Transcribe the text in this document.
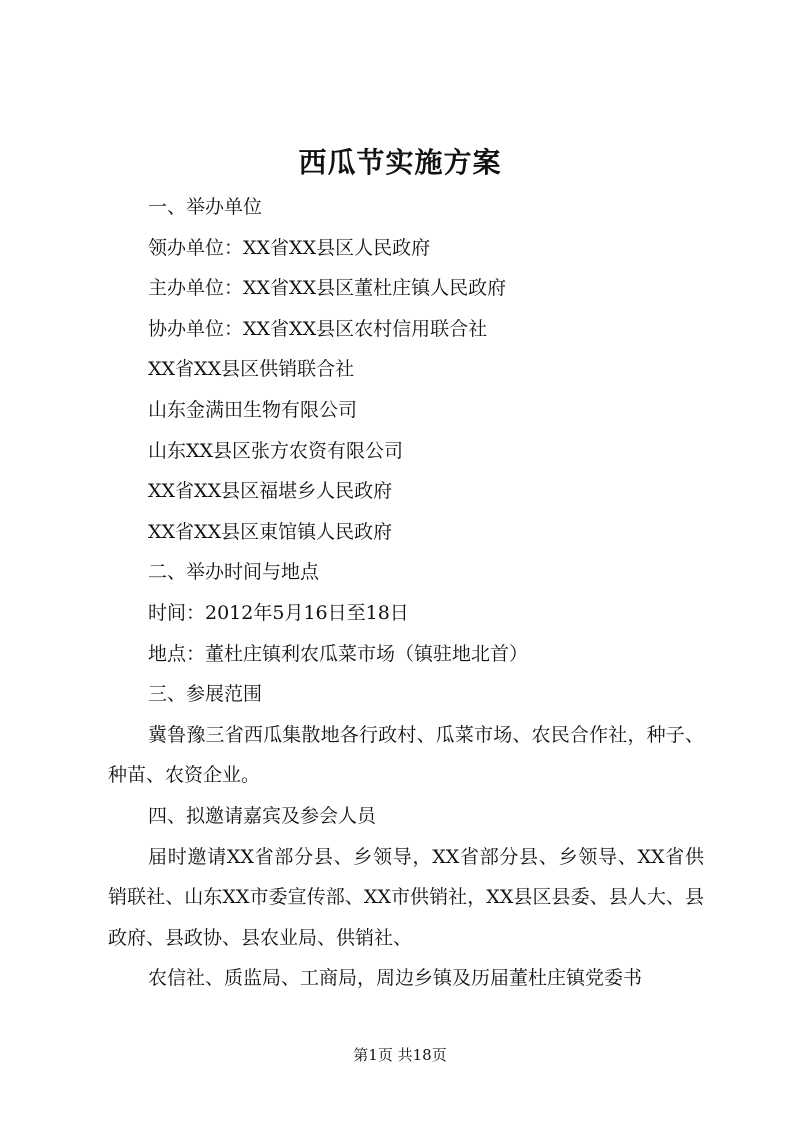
西瓜节实施方案
一、举办单位
领办单位：XX省XX县区人民政府
主办单位：XX省XX县区董杜庄镇人民政府
协办单位：XX省XX县区农村信用联合社
XX省XX县区供销联合社
山东金满田生物有限公司
山东XX县区张方农资有限公司
XX省XX县区福堪乡人民政府
XX省XX县区東馆镇人民政府
二、举办时间与地点
时间：2012年5月16日至18日
地点：董杜庄镇利农瓜菜市场（镇驻地北首）
三、参展范围
冀鲁豫三省西瓜集散地各行政村、瓜菜市场、农民合作社，种子、种苗、农资企业。
四、拟邀请嘉宾及参会人员
届时邀请XX省部分县、乡领导，XX省部分县、乡领导、XX省供销联社、山东XX市委宣传部、XX市供销社，XX县区县委、县人大、县政府、县政协、县农业局、供销社、
农信社、质监局、工商局，周边乡镇及历届董杜庄镇党委书
第1页 共18页
